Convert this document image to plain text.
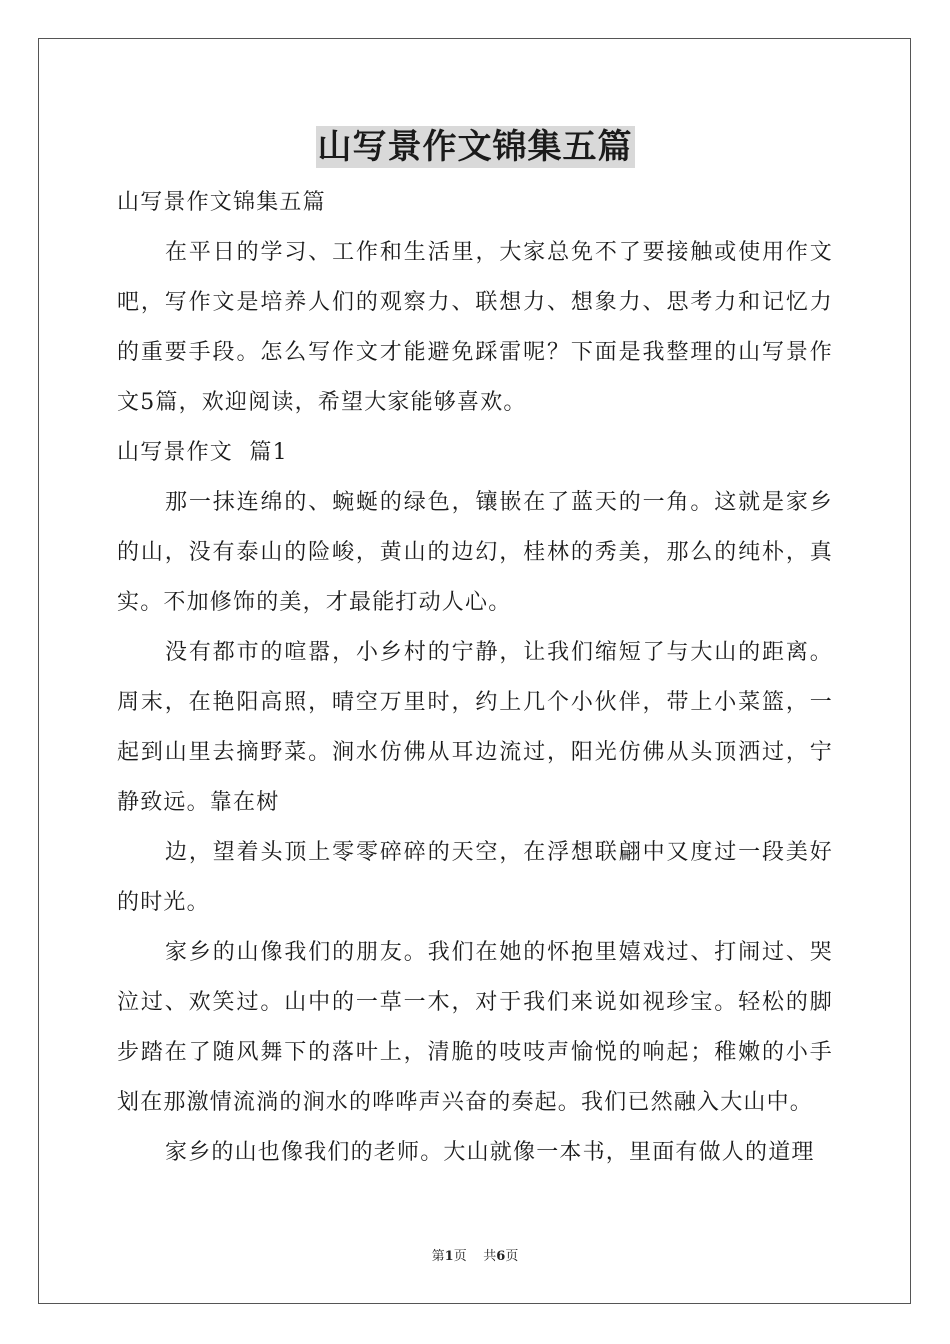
山写景作文锦集五篇

山写景作文锦集五篇

在平日的学习、工作和生活里，大家总免不了要接触或使用作文吧，写作文是培养人们的观察力、联想力、想象力、思考力和记忆力的重要手段。怎么写作文才能避免踩雷呢？下面是我整理的山写景作文5篇，欢迎阅读，希望大家能够喜欢。

山写景作文  篇1

那一抹连绵的、蜿蜒的绿色，镶嵌在了蓝天的一角。这就是家乡的山，没有泰山的险峻，黄山的边幻，桂林的秀美，那么的纯朴，真实。不加修饰的美，才最能打动人心。

没有都市的喧嚣，小乡村的宁静，让我们缩短了与大山的距离。周末，在艳阳高照，晴空万里时，约上几个小伙伴，带上小菜篮，一起到山里去摘野菜。涧水仿佛从耳边流过，阳光仿佛从头顶洒过，宁静致远。靠在树

边，望着头顶上零零碎碎的天空，在浮想联翩中又度过一段美好的时光。

家乡的山像我们的朋友。我们在她的怀抱里嬉戏过、打闹过、哭泣过、欢笑过。山中的一草一木，对于我们来说如视珍宝。轻松的脚步踏在了随风舞下的落叶上，清脆的吱吱声愉悦的响起；稚嫩的小手划在那激情流淌的涧水的哗哗声兴奋的奏起。我们已然融入大山中。

家乡的山也像我们的老师。大山就像一本书，里面有做人的道理

第1页 共6页
